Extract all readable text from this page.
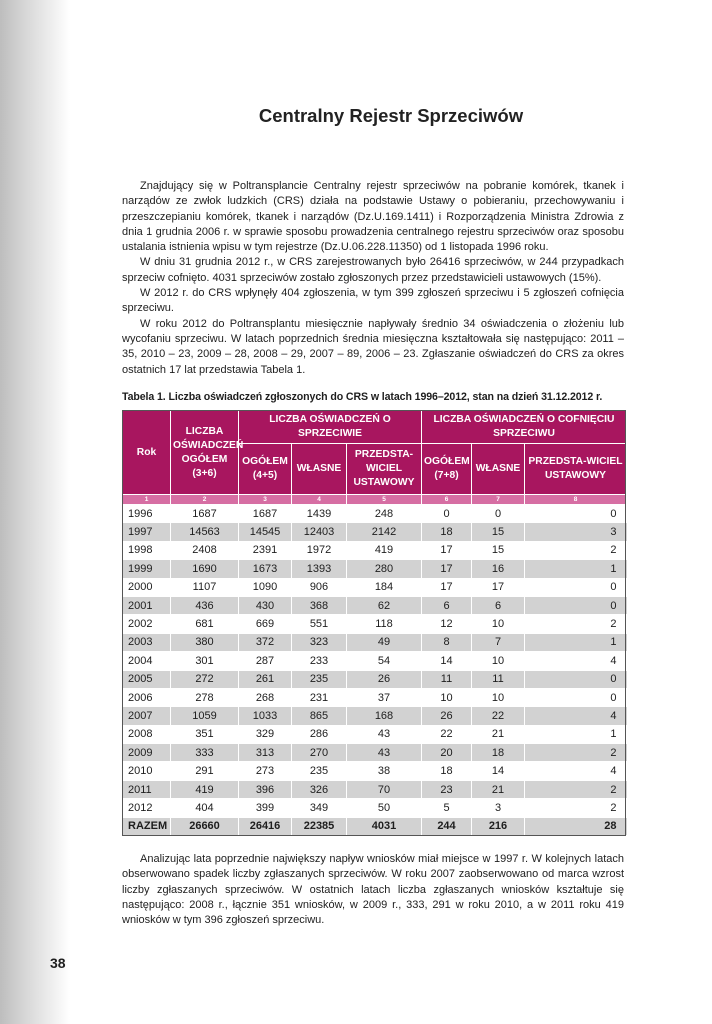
Centralny Rejestr Sprzeciwów

Znajdujący się w Poltransplancie Centralny rejestr sprzeciwów na pobranie komórek, tkanek i narządów ze zwłok ludzkich (CRS) działa na podstawie Ustawy o pobieraniu, przechowywaniu i przeszczepianiu komórek, tkanek i narządów (Dz.U.169.1411) i Rozporządzenia Ministra Zdrowia z dnia 1 grudnia 2006 r. w sprawie sposobu prowadzenia centralnego rejestru sprzeciwów oraz sposobu ustalania istnienia wpisu w tym rejestrze (Dz.U.06.228.11350) od 1 listopada 1996 roku.

W dniu 31 grudnia 2012 r., w CRS zarejestrowanych było 26416 sprzeciwów, w 244 przypadkach sprzeciw cofnięto. 4031 sprzeciwów zostało zgłoszonych przez przedstawicieli ustawowych (15%).

W 2012 r. do CRS wpłynęły 404 zgłoszenia, w tym 399 zgłoszeń sprzeciwu i 5 zgłoszeń cofnięcia sprzeciwu.

W roku 2012 do Poltransplantu miesięcznie napływały średnio 34 oświadczenia o złożeniu lub wycofaniu sprzeciwu. W latach poprzednich średnia miesięczna kształtowała się następująco: 2011 – 35, 2010 – 23, 2009 – 28, 2008 – 29, 2007 – 89, 2006 – 23. Zgłaszanie oświadczeń do CRS za okres ostatnich 17 lat przedstawia Tabela 1.

Tabela 1. Liczba oświadczeń zgłoszonych do CRS w latach 1996–2012, stan na dzień 31.12.2012 r.
Rok	LICZBA OŚWIADCZEŃ OGÓŁEM (3+6)	LICZBA OŚWIADCZEŃ O SPRZECIWIE			LICZBA OŚWIADCZEŃ O COFNIĘCIU SPRZECIWU		
		OGÓŁEM (4+5)	WŁASNE	PRZEDSTA-WICIEL USTAWOWY	OGÓŁEM (7+8)	WŁASNE	PRZEDSTA-WICIEL USTAWOWY
1	2	3	4	5	6	7	8
1996	1687	1687	1439	248	0	0	0
1997	14563	14545	12403	2142	18	15	3
1998	2408	2391	1972	419	17	15	2
1999	1690	1673	1393	280	17	16	1
2000	1107	1090	906	184	17	17	0
2001	436	430	368	62	6	6	0
2002	681	669	551	118	12	10	2
2003	380	372	323	49	8	7	1
2004	301	287	233	54	14	10	4
2005	272	261	235	26	11	11	0
2006	278	268	231	37	10	10	0
2007	1059	1033	865	168	26	22	4
2008	351	329	286	43	22	21	1
2009	333	313	270	43	20	18	2
2010	291	273	235	38	18	14	4
2011	419	396	326	70	23	21	2
2012	404	399	349	50	5	3	2
RAZEM	26660	26416	22385	4031	244	216	28

Analizując lata poprzednie największy napływ wniosków miał miejsce w 1997 r. W kolejnych latach obserwowano spadek liczby zgłaszanych sprzeciwów. W roku 2007 zaobserwowano od marca wzrost liczby zgłaszanych sprzeciwów. W ostatnich latach liczba zgłaszanych wniosków kształtuje się następująco: 2008 r., łącznie 351 wniosków, w 2009 r., 333, 291 w roku 2010, a w 2011 roku 419 wniosków w tym 396 zgłoszeń sprzeciwu.

38
